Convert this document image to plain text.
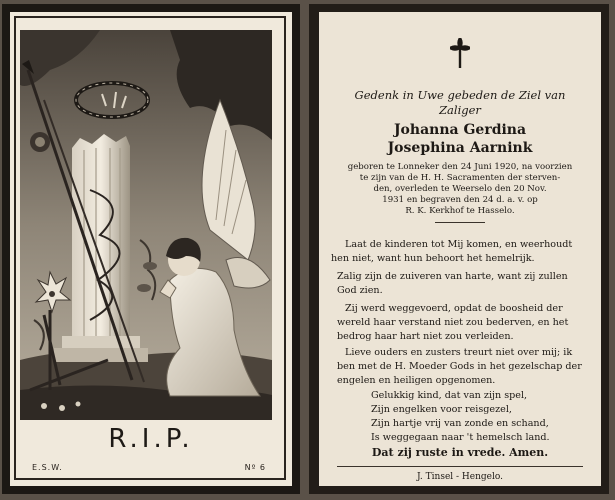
R.I.P.
E.S.W.	Nº 6
Gedenk in Uwe gebeden de Ziel van
Zaliger
Johanna Gerdina
Josephina Aarnink
geboren te Lonneker den 24 Juni 1920, na voorzien
te zijn van de H. H. Sacramenten der sterven-
den, overleden te Weerselo den 20 Nov.
1931 en begraven den 24 d. a. v. op
R. K. Kerkhof te Hasselo.
Laat de kinderen tot Mij komen, en weerhoudt
hen niet, want hun behoort het hemelrijk.
Zalig zijn de zuiveren van harte, want zij zullen
God zien.
Zij werd weggevoerd, opdat de boosheid der
wereld haar verstand niet zou bederven, en het
bedrog haar hart niet zou verleiden.
Lieve ouders en zusters treurt niet over mij; ik
ben met de H. Moeder Gods in het gezelschap der
engelen en heiligen opgenomen.
Gelukkig kind, dat van zijn spel,
Zijn engelken voor reisgezel,
Zijn hartje vrij van zonde en schand,
Is weggegaan naar 't hemelsch land.
Dat zij ruste in vrede. Amen.
J. Tinsel - Hengelo.
